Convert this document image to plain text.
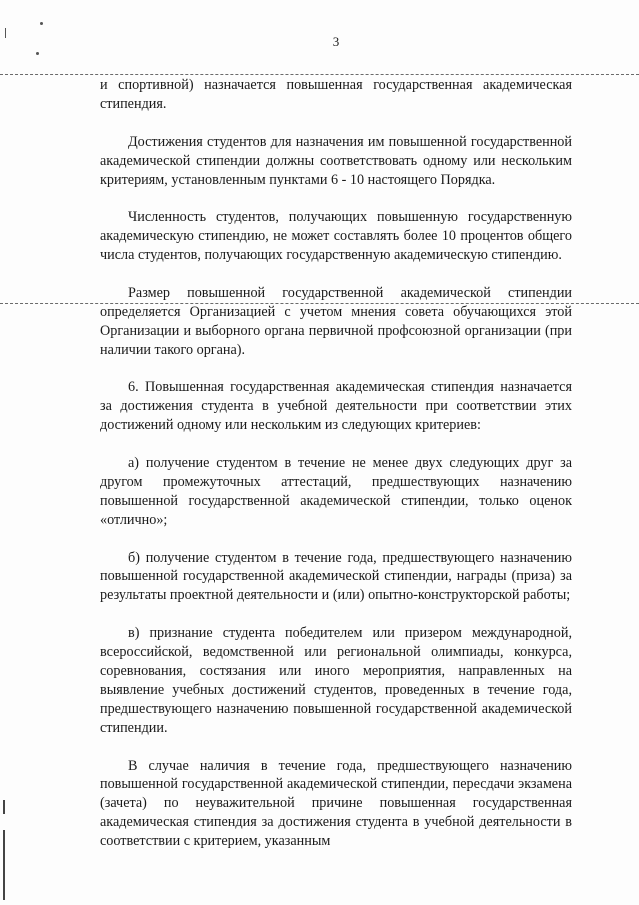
3

и спортивной) назначается повышенная государственная академическая стипендия.

Достижения студентов для назначения им повышенной государственной академической стипендии должны соответствовать одному или нескольким критериям, установленным пунктами 6 - 10 настоящего Порядка.

Численность студентов, получающих повышенную государственную академическую стипендию, не может составлять более 10 процентов общего числа студентов, получающих государственную академическую стипендию.

Размер повышенной государственной академической стипендии определяется Организацией с учетом мнения совета обучающихся этой Организации и выборного органа первичной профсоюзной организации (при наличии такого органа).

6. Повышенная государственная академическая стипендия назначается за достижения студента в учебной деятельности при соответствии этих достижений одному или нескольким из следующих критериев:

а) получение студентом в течение не менее двух следующих друг за другом промежуточных аттестаций, предшествующих назначению повышенной государственной академической стипендии, только оценок «отлично»;

б) получение студентом в течение года, предшествующего назначению повышенной государственной академической стипендии, награды (приза) за результаты проектной деятельности и (или) опытно-конструкторской работы;

в) признание студента победителем или призером международной, всероссийской, ведомственной или региональной олимпиады, конкурса, соревнования, состязания или иного мероприятия, направленных на выявление учебных достижений студентов, проведенных в течение года, предшествующего назначению повышенной государственной академической стипендии.

В случае наличия в течение года, предшествующего назначению повышенной государственной академической стипендии, пересдачи экзамена (зачета) по неуважительной причине повышенная государственная академическая стипендия за достижения студента в учебной деятельности в соответствии с критерием, указанным
